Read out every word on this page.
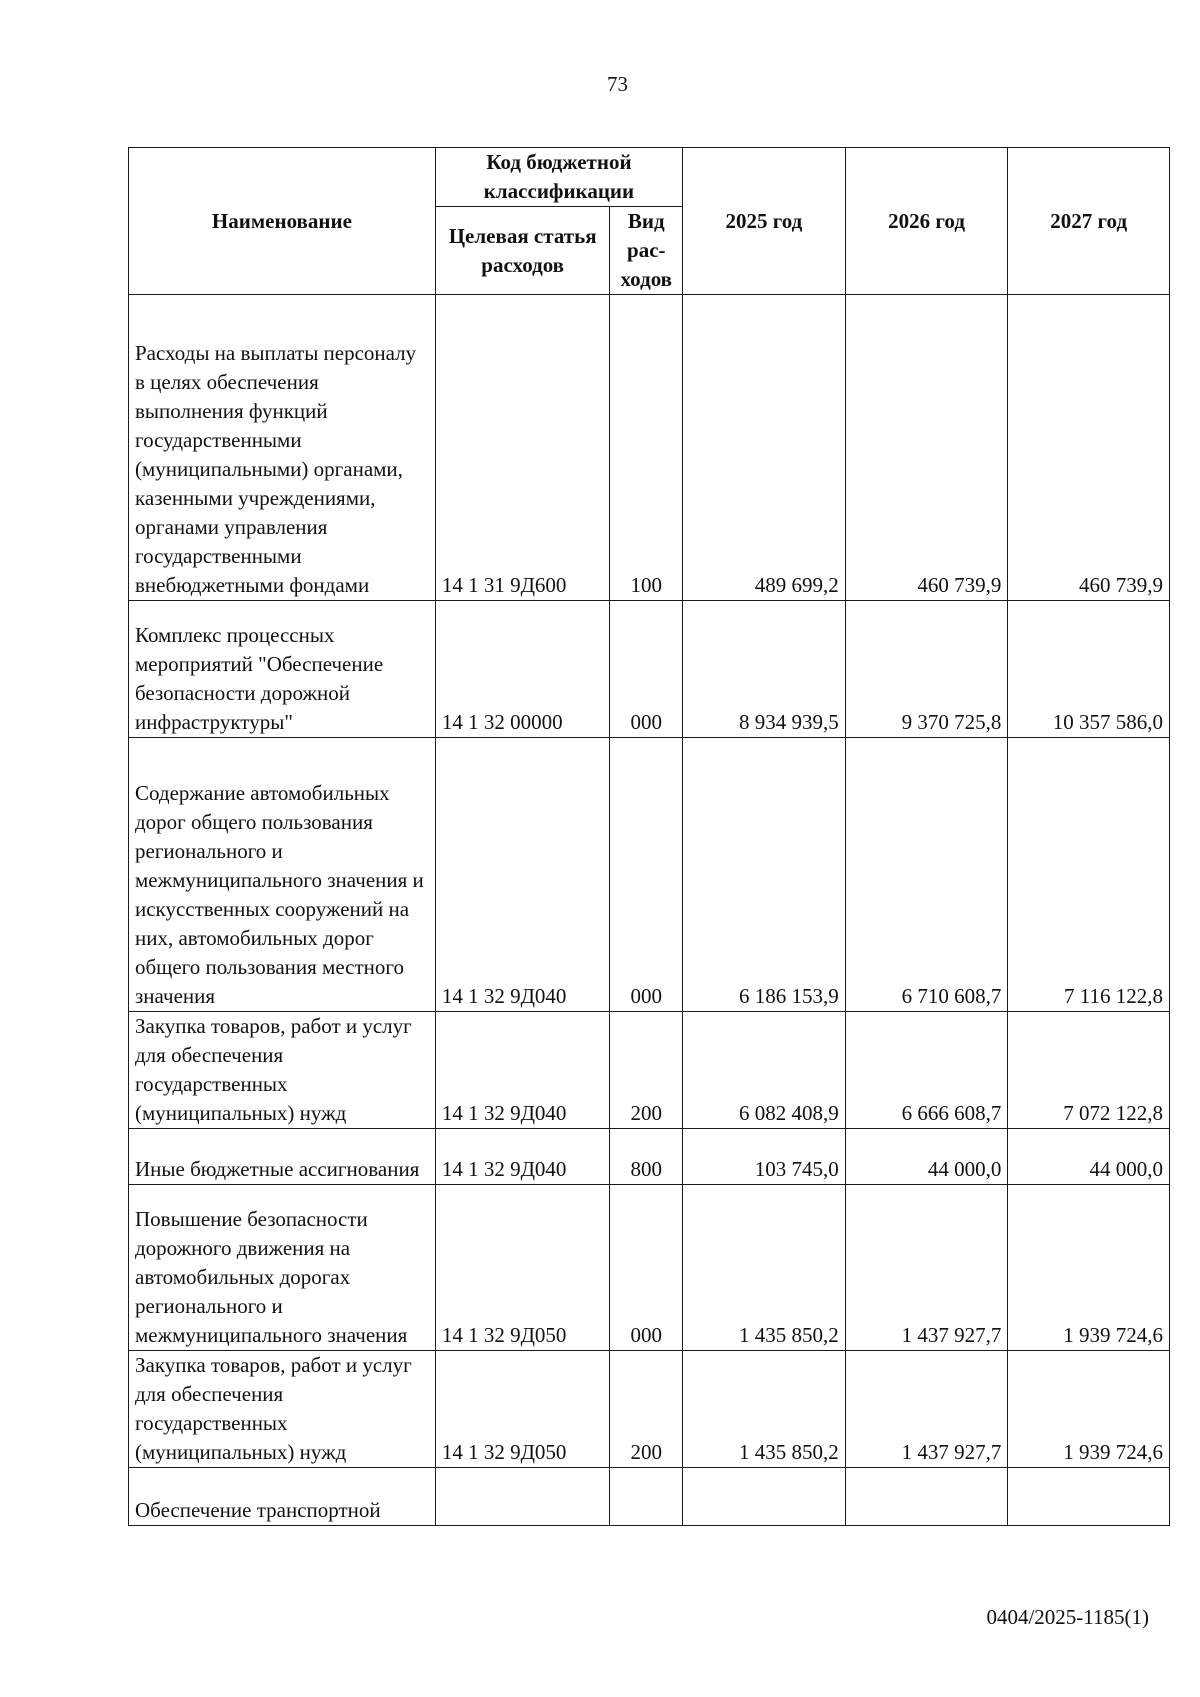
73
Наименование	Код бюджетной классификации		2025 год	2026 год	2027 год
	Целевая статья расходов	Вид рас-ходов			

Расходы на выплаты персоналу в целях обеспечения выполнения функций государственными (муниципальными) органами, казенными учреждениями, органами управления государственными внебюджетными фондами	14 1 31 9Д600	100	489 699,2	460 739,9	460 739,9

Комплекс процессных мероприятий "Обеспечение безопасности дорожной инфраструктуры"	14 1 32 00000	000	8 934 939,5	9 370 725,8	10 357 586,0

Содержание автомобильных дорог общего пользования регионального и межмуниципального значения и искусственных сооружений на них, автомобильных дорог общего пользования местного значения	14 1 32 9Д040	000	6 186 153,9	6 710 608,7	7 116 122,8

Закупка товаров, работ и услуг для обеспечения государственных (муниципальных) нужд	14 1 32 9Д040	200	6 082 408,9	6 666 608,7	7 072 122,8

Иные бюджетные ассигнования	14 1 32 9Д040	800	103 745,0	44 000,0	44 000,0

Повышение безопасности дорожного движения на автомобильных дорогах регионального и межмуниципального значения	14 1 32 9Д050	000	1 435 850,2	1 437 927,7	1 939 724,6

Закупка товаров, работ и услуг для обеспечения государственных (муниципальных) нужд	14 1 32 9Д050	200	1 435 850,2	1 437 927,7	1 939 724,6

Обеспечение транспортной					

0404/2025-1185(1)
